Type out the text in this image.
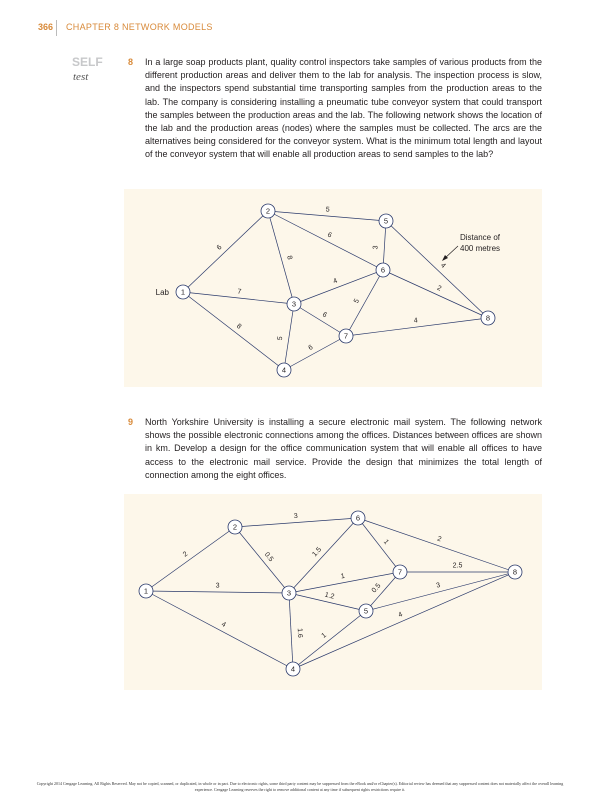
366 CHAPTER 8 NETWORK MODELS
SELF
test
8 In a large soap products plant, quality control inspectors take samples of various products from the different production areas and deliver them to the lab for analysis. The inspection process is slow, and the inspectors spend substantial time transporting samples from the production areas to the lab. The company is considering installing a pneumatic tube conveyor system that could transport the samples between the production areas and the lab. The following network shows the location of the lab and the production areas (nodes) where the samples must be collected. The arcs are the alternatives being considered for the conveyor system. What is the minimum total length and layout of the conveyor system that will enable all production areas to send samples to the lab?
6
5
6
8
7
8
3
4
4
2
5
6
5
4
6
Lab
Distance of
400 metres
1
2
3
4
5
6
7
8
9 North Yorkshire University is installing a secure electronic mail system. The following network shows the possible electronic connections among the offices. Distances between offices are shown in km. Develop a design for the office communication system that will enable all offices to have access to the electronic mail service. Provide the design that minimizes the total length of connection among the eight offices.
2
3
0.5
3
4
1.5
1	2
1
1.2
1.6
0.5
2.5
3
1
4
1
2
3
4
5
6
7	8
Copyright 2014 Cengage Learning. All Rights Reserved. May not be copied, scanned, or duplicated, in whole or in part. Due to electronic rights, some third party content may be suppressed from the eBook and/or eChapter(s). Editorial review has deemed that any suppressed content does not materially affect the overall learning experience. Cengage Learning reserves the right to remove additional content at any time if subsequent rights restrictions require it.
